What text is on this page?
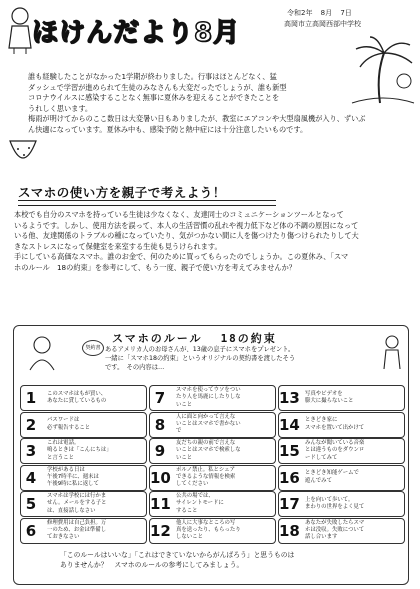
ほけんだより8月
令和2年 8月 7日
高岡市立高岡西部中学校
誰も経験したことがなかった1学期が終わりました。行事はほとんどなく、猛
ダッシュで学習が進められて生徒のみなさんも大変だったでしょうが、誰も新型
コロナウイルスに感染することなく無事に夏休みを迎えることができたことを
うれしく思います。
梅雨が明けてからのここ数日は大変暑い日もありましたが、教室にエアコンや大型扇風機が入り、ずいぶ
ん快適になっています。夏休み中も、感染予防と熱中症には十分注意したいものです。
スマホの使い方を親子で考えよう！
本校でも自分のスマホを持っている生徒は少なくなく、友達同士のコミュニケーションツールとなって
いるようです。しかし、使用方法を誤って、本人の生活習慣の乱れや視力低下など体の不調の原因になって
いる他、友達関係のトラブルの種になっていたり、気がつかない間に人を傷つけたり傷つけられたりして大
きなストレスになって保健室を来室する生徒も見うけられます。
手にしている高価なスマホ。誰のお金で、何のために買ってもらったのでしょうか。この夏休み、「スマ
ホのルール　18の約束」を参考にして、もう一度、親子で使い方を考えてみませんか？
スマホのルール 18の約束
契約書 あるアメリカ人のお母さんが、13歳の息子にスマホをプレゼント。
一緒に「スマホ18の約束」というオリジナルの契約書を渡したそう
です。　その内容は…
1	このスマホはもが買い、
あなたに貸しているもの
2	パスワードは
必ず報告すること
3	これは電話。
鳴るときは「こんにちは」
と言うこと
4	学校がある日は
午後7時半に、週末は
午後9時に私に返して
5	スマホは学校には行かま
せん。メールをする子と
は、直接話しなさい
6	修理費用は自己負担。万
一のため、お金は準備し
ておきなさい
7	スマホを使ってウソをつい
たり人を馬鹿にしたりしな
いこと
8	人に面と向かって言えな
いことはスマホで書かない
で
9	友だちの親の前で言えな
いことはスマホで検索しな
いこと
10 ポルノ禁止。私とシェア
できるような情報を検索
してください
11 公共の場では、
サイレントモードに
すること
12 他人に大事なところの写
真を送ったり、もらったり
しないこと
13 写真やビデオを
膨大に撮らないこと
14 ときどき家に
スマホを置いて出かけて
15 みんなが聞いている音楽
とは違うものをダウンロ
ードしてみて
16 ときどき知能ゲームで
遊んでみて
17 上を向いて歩いて。
まわりの世界をよく見て
18 あなたが失敗したらスマ
ホは没収。失敗について
話し合います
「このルールはいいな」「これはできていないからがんばろう」と思うものは
ありませんか？　スマホのルールの参考にしてみましょう。
